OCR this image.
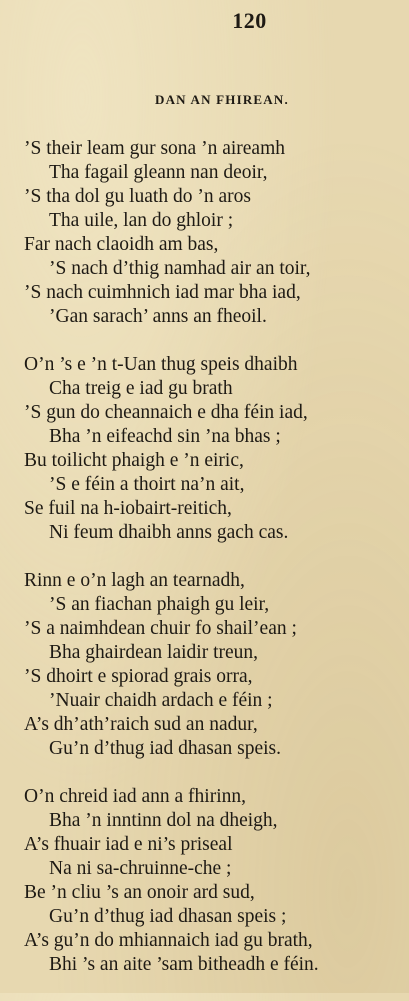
120
DAN AN FHIREAN.
’S their leam gur sona ’n aireamh
Tha fagail gleann nan deoir,
’S tha dol gu luath do ’n aros
Tha uile, lan do ghloir ;
Far nach claoidh am bas,
’S nach d’thig namhad air an toir,
’S nach cuimhnich iad mar bha iad,
’Gan sarach’ anns an fheoil.
O’n ’s e ’n t-Uan thug speis dhaibh
Cha treig e iad gu brath
’S gun do cheannaich e dha féin iad,
Bha ’n eifeachd sin ’na bhas ;
Bu toilicht phaigh e ’n eiric,
’S e féin a thoirt na’n ait,
Se fuil na h-iobairt-reitich,
Ni feum dhaibh anns gach cas.
Rinn e o’n lagh an tearnadh,
’S an fiachan phaigh gu leir,
’S a naimhdean chuir fo shail’ean ;
Bha ghairdean laidir treun,
’S dhoirt e spiorad grais orra,
’Nuair chaidh ardach e féin ;
A’s dh’ath’raich sud an nadur,
Gu’n d’thug iad dhasan speis.
O’n chreid iad ann a fhirinn,
Bha ’n inntinn dol na dheigh,
A’s fhuair iad e ni’s priseal
Na ni sa-chruinne-che ;
Be ’n cliu ’s an onoir ard sud,
Gu’n d’thug iad dhasan speis ;
A’s gu’n do mhiannaich iad gu brath,
Bhi ’s an aite ’sam bitheadh e féin.
